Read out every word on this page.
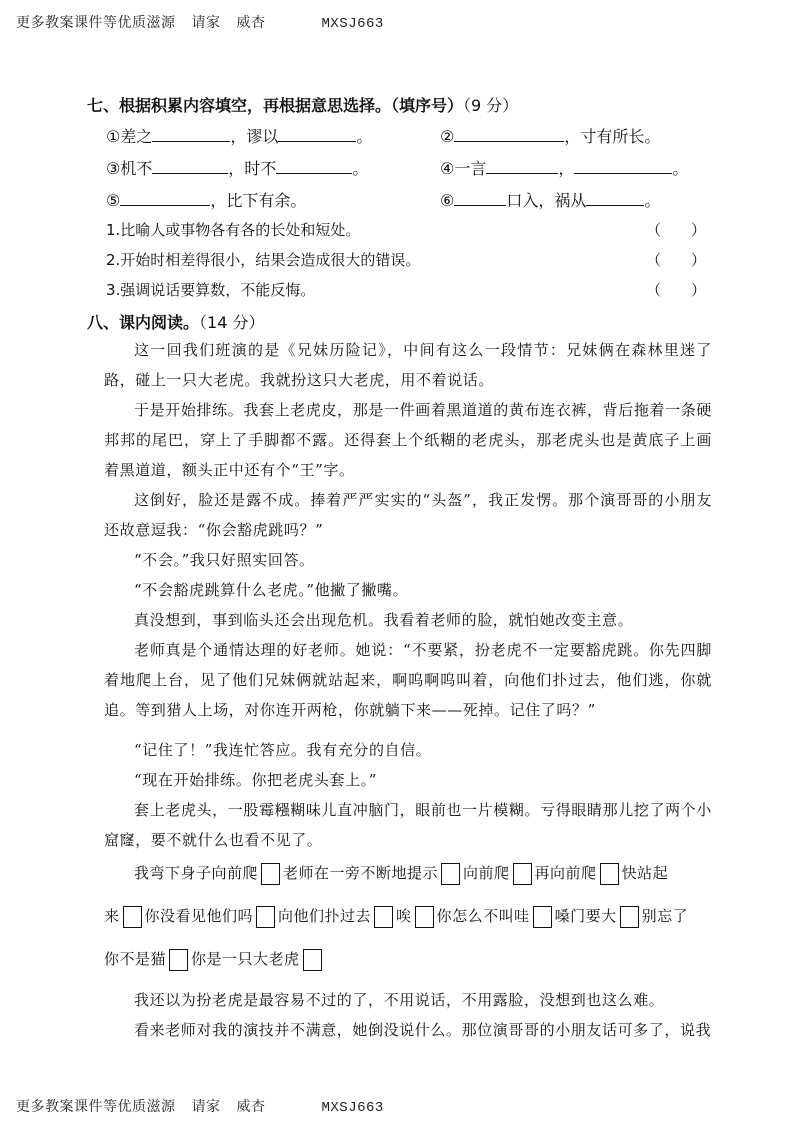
更多教案课件等优质滋源 请家 威杏	MXSJ663
七、根据积累内容填空，再根据意思选择。（填序号）（9 分）
①差之	，谬以	。	②	，寸有所长。
③机不	，时不	。	④一言	，	。
⑤	，比下有余。	⑥	口入，祸从	。
1.比喻人或事物各有各的长处和短处。	（　　）
2.开始时相差得很小，结果会造成很大的错误。	（　　）
3.强调说话要算数，不能反悔。	（　　）
八、课内阅读。（14 分）

这一回我们班演的是《兄妹历险记》，中间有这么一段情节：兄妹俩在森林里迷了路，碰上一只大老虎。我就扮这只大老虎，用不着说话。

于是开始排练。我套上老虎皮，那是一件画着黑道道的黄布连衣裤，背后拖着一条硬邦邦的尾巴，穿上了手脚都不露。还得套上个纸糊的老虎头，那老虎头也是黄底子上画着黑道道，额头正中还有个“王”字。

这倒好，脸还是露不成。捧着严严实实的“头盔”，我正发愣。那个演哥哥的小朋友还故意逗我：“你会豁虎跳吗？”

“不会。”我只好照实回答。

“不会豁虎跳算什么老虎。”他撇了撇嘴。

真没想到，事到临头还会出现危机。我看着老师的脸，就怕她改变主意。

老师真是个通情达理的好老师。她说：“不要紧，扮老虎不一定要豁虎跳。你先四脚着地爬上台，见了他们兄妹俩就站起来，啊呜啊呜叫着，向他们扑过去，他们逃，你就追。等到猎人上场，对你连开两枪，你就躺下来——死掉。记住了吗？”

“记住了！”我连忙答应。我有充分的自信。

“现在开始排练。你把老虎头套上。”

套上老虎头，一股霉糨糊味儿直冲脑门，眼前也一片模糊。亏得眼睛那儿挖了两个小窟窿，要不就什么也看不见了。

我弯下身子向前爬 老师在一旁不断地提示 向前爬 再向前爬 快站起
来 你没看见他们吗 向他们扑过去 唉 你怎么不叫哇 嗓门要大 别忘了
你不是猫 你是一只大老虎

我还以为扮老虎是最容易不过的了，不用说话，不用露脸，没想到也这么难。

看来老师对我的演技并不满意，她倒没说什么。那位演哥哥的小朋友话可多了，说我

更多教案课件等优质滋源 请家 威杏	MXSJ663
